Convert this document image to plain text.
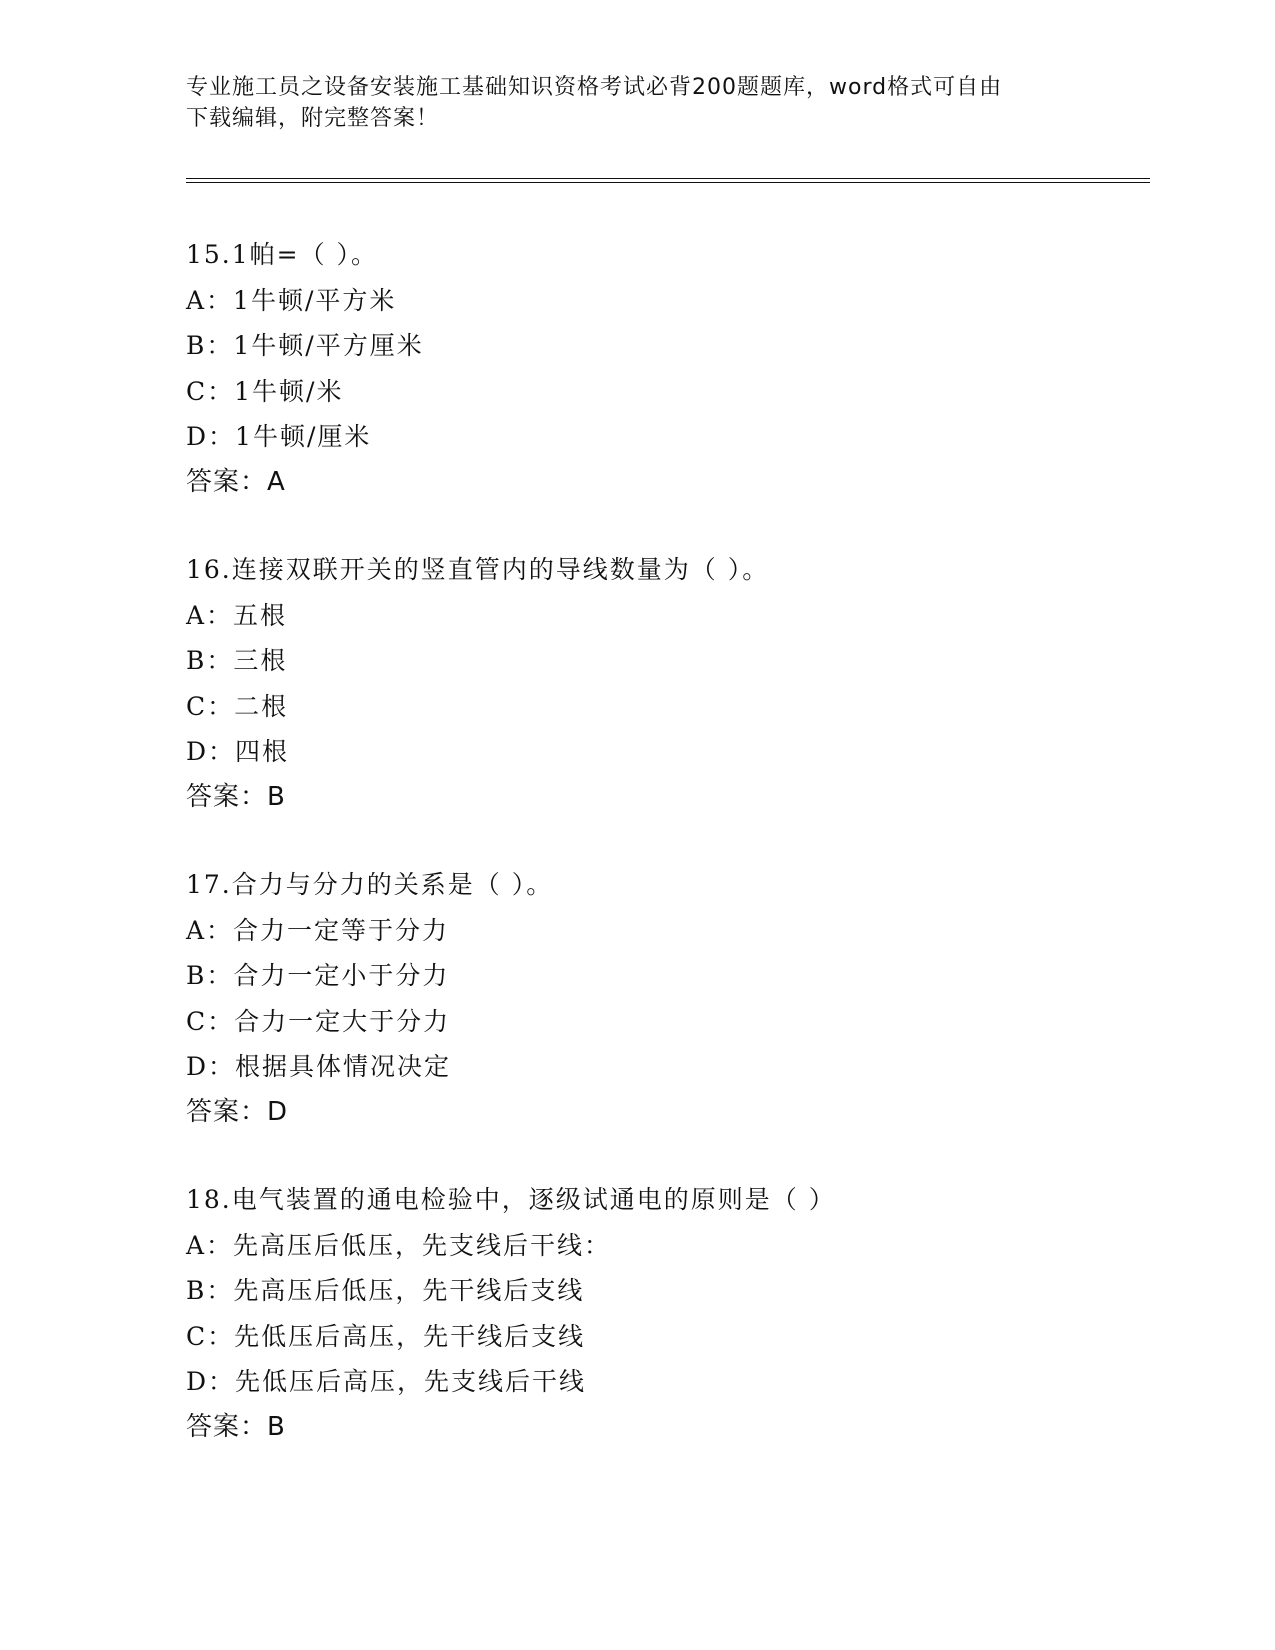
专业施工员之设备安装施工基础知识资格考试必背200题题库，word格式可自由
下载编辑，附完整答案！
15.1帕=（ ）。
A：1牛顿/平方米
B：1牛顿/平方厘米
C：1牛顿/米
D：1牛顿/厘米
答案：A
16.连接双联开关的竖直管内的导线数量为（ ）。
A：五根
B：三根
C：二根
D：四根
答案：B
17.合力与分力的关系是（ ）。
A：合力一定等于分力
B：合力一定小于分力
C：合力一定大于分力
D：根据具体情况决定
答案：D
18.电气装置的通电检验中，逐级试通电的原则是（ ）
A：先高压后低压，先支线后干线：
B：先高压后低压，先干线后支线
C：先低压后高压，先干线后支线
D：先低压后高压，先支线后干线
答案：B
